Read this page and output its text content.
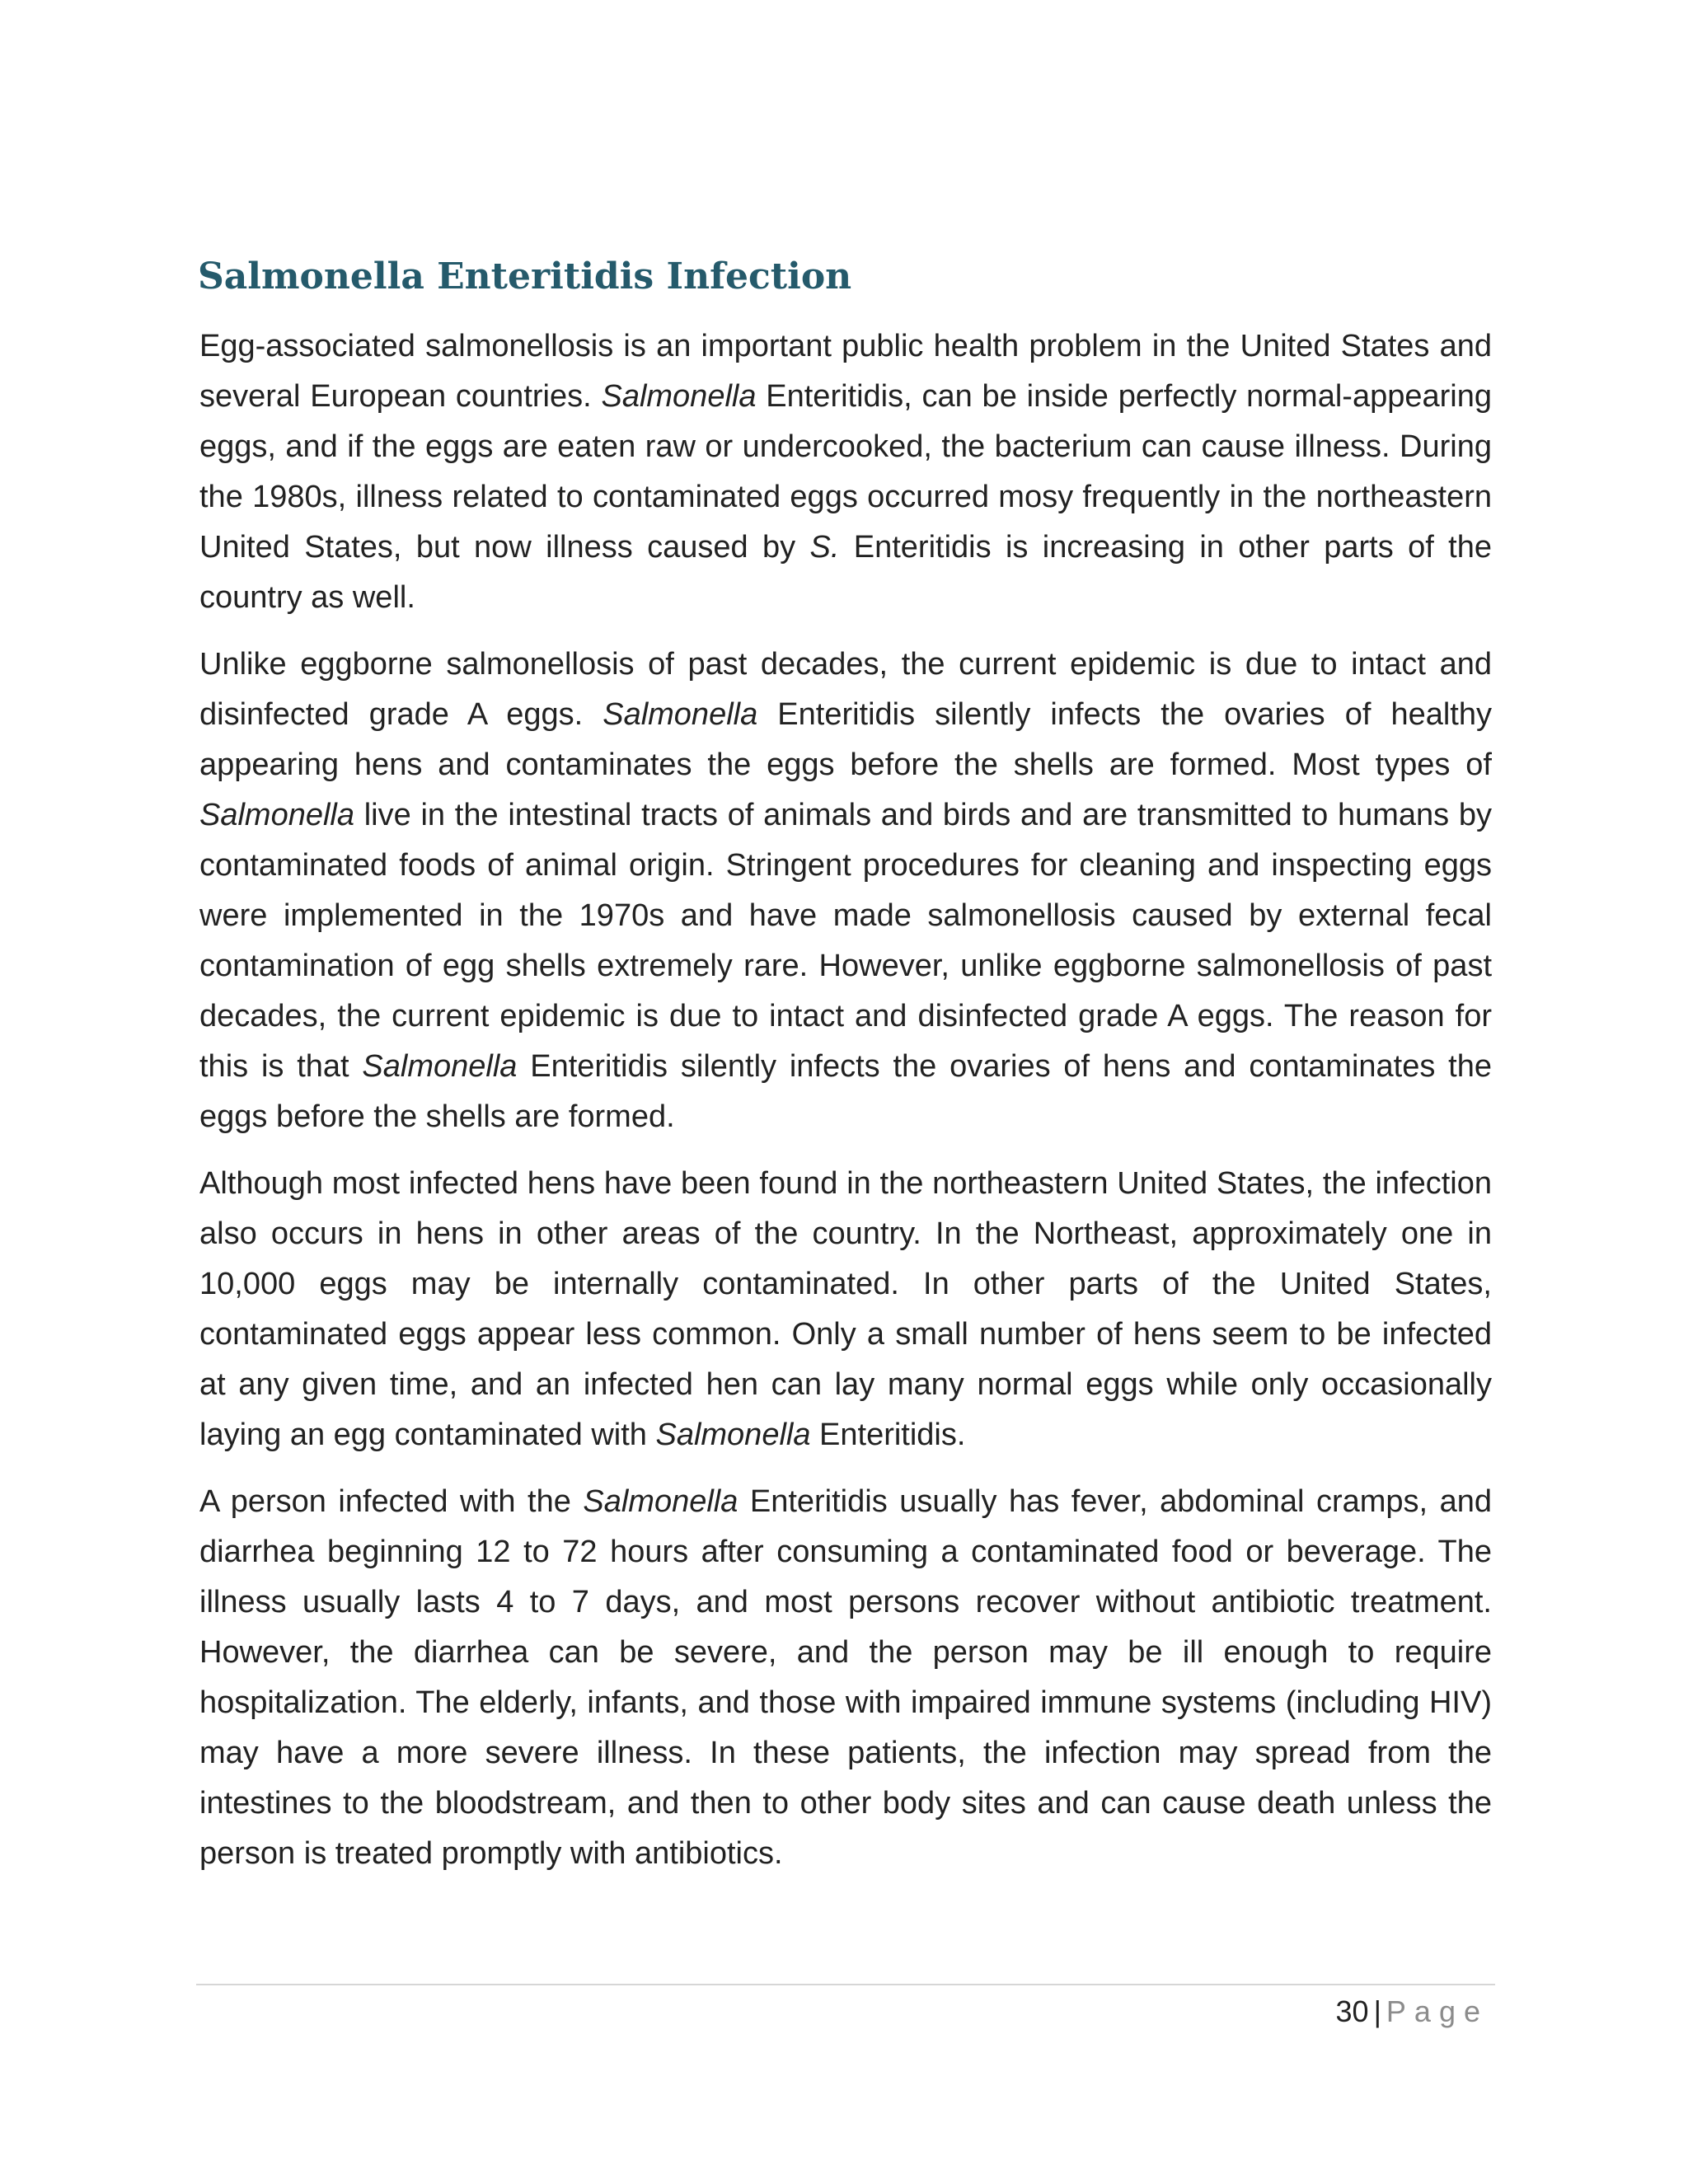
Salmonella Enteritidis Infection

Egg-associated salmonellosis is an important public health problem in the United States and several European countries. Salmonella Enteritidis, can be inside perfectly normal-appearing eggs, and if the eggs are eaten raw or undercooked, the bacterium can cause illness. During the 1980s, illness related to contaminated eggs occurred mosy frequently in the northeastern United States, but now illness caused by S. Enteritidis is increasing in other parts of the country as well.

Unlike eggborne salmonellosis of past decades, the current epidemic is due to intact and disinfected grade A eggs. Salmonella Enteritidis silently infects the ovaries of healthy appearing hens and contaminates the eggs before the shells are formed. Most types of Salmonella live in the intestinal tracts of animals and birds and are transmitted to humans by contaminated foods of animal origin. Stringent procedures for cleaning and inspecting eggs were implemented in the 1970s and have made salmonellosis caused by external fecal contamination of egg shells extremely rare. However, unlike eggborne salmonellosis of past decades, the current epidemic is due to intact and disinfected grade A eggs. The reason for this is that Salmonella Enteritidis silently infects the ovaries of hens and contaminates the eggs before the shells are formed.

Although most infected hens have been found in the northeastern United States, the infection also occurs in hens in other areas of the country. In the Northeast, approximately one in 10,000 eggs may be internally contaminated. In other parts of the United States, contaminated eggs appear less common. Only a small number of hens seem to be infected at any given time, and an infected hen can lay many normal eggs while only occasionally laying an egg contaminated with Salmonella Enteritidis.

A person infected with the Salmonella Enteritidis usually has fever, abdominal cramps, and diarrhea beginning 12 to 72 hours after consuming a contaminated food or beverage. The illness usually lasts 4 to 7 days, and most persons recover without antibiotic treatment. However, the diarrhea can be severe, and the person may be ill enough to require hospitalization. The elderly, infants, and those with impaired immune systems (including HIV) may have a more severe illness. In these patients, the infection may spread from the intestines to the bloodstream, and then to other body sites and can cause death unless the person is treated promptly with antibiotics.

30 | Page
